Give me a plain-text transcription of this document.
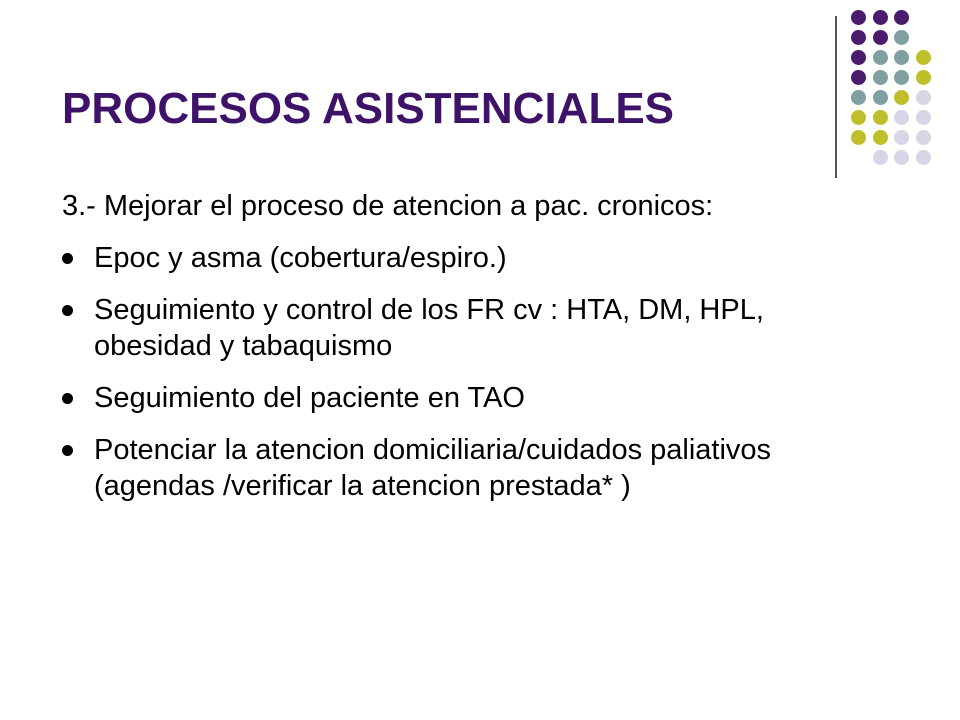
PROCESOS ASISTENCIALES

3.- Mejorar el proceso de atencion a pac. cronicos:

Epoc y asma (cobertura/espiro.)
Seguimiento y control de los FR cv : HTA, DM, HPL, obesidad y tabaquismo
Seguimiento del paciente en TAO
Potenciar la atencion domiciliaria/cuidados paliativos (agendas /verificar la atencion prestada* )
